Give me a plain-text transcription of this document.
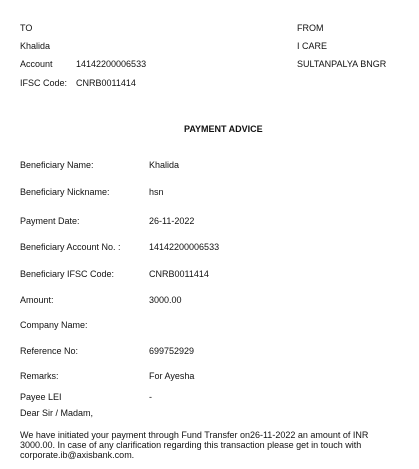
TO
Khalida
Account	14142200006533
IFSC Code: CNRB0011414
FROM
I CARE
SULTANPALYA BNGR
PAYMENT ADVICE
Beneficiary Name:	Khalida
Beneficiary Nickname:	hsn
Payment Date:	26-11-2022
Beneficiary Account No. :	14142200006533
Beneficiary IFSC Code:	CNRB0011414
Amount:	3000.00
Company Name:
Reference No:	699752929
Remarks:	For Ayesha
Payee LEI	-
Dear Sir / Madam,
We have initiated your payment through Fund Transfer on26-11-2022 an amount of INR 3000.00. In case of any clarification regarding this transaction please get in touch with corporate.ib@axisbank.com.
